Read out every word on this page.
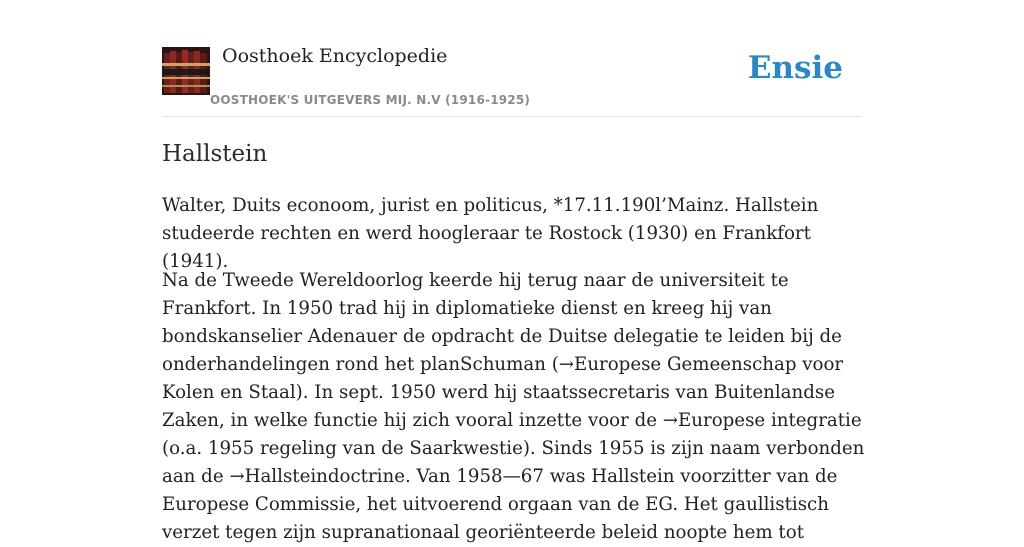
Oosthoek Encyclopedie
OOSTHOEK'S UITGEVERS MIJ. N.V (1916-1925)
Ensie
Hallstein

Walter, Duits econoom, jurist en politicus, *17.11.190l’Mainz. Hallstein studeerde rechten en werd hoogleraar te Rostock (1930) en Frankfort (1941).

Na de Tweede Wereldoorlog keerde hij terug naar de universiteit te Frankfort. In 1950 trad hij in diplomatieke dienst en kreeg hij van bondskanselier Adenauer de opdracht de Duitse delegatie te leiden bij de onderhandelingen rond het planSchuman (→Europese Gemeenschap voor Kolen en Staal). In sept. 1950 werd hij staatssecretaris van Buitenlandse Zaken, in welke functie hij zich vooral inzette voor de →Europese integratie (o.a. 1955 regeling van de Saarkwestie). Sinds 1955 is zijn naam verbonden aan de →Hallsteindoctrine. Van 1958—67 was Hallstein voorzitter van de Europese Commissie, het uitvoerend orgaan van de EG. Het gaullistisch verzet tegen zijn supranationaal georiënteerde beleid noopte hem tot
